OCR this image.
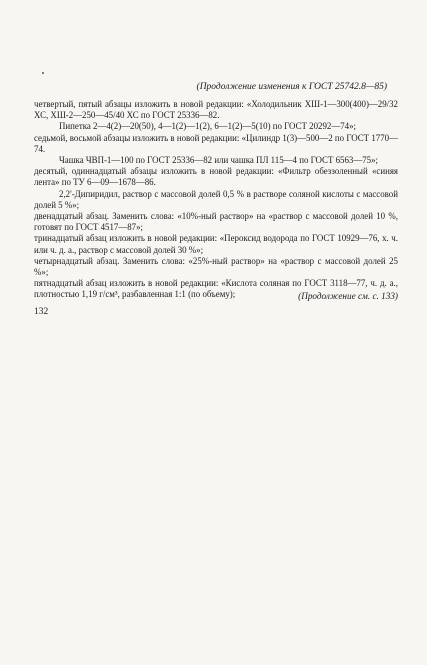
(Продолжение изменения к ГОСТ 25742.8—85)

четвертый, пятый абзацы изложить в новой редакции: «Холодильник ХШ-1—300(400)—29/32 ХС, ХШ-2—250—45/40 ХС по ГОСТ 25336—82.

Пипетка 2—4(2)—20(50), 4—1(2)—1(2), 6—1(2)—5(10) по ГОСТ 20292—74»;

седьмой, восьмой абзацы изложить в новой редакции: «Цилиндр 1(3)—500—2 по ГОСТ 1770—74.

Чашка ЧВП-1—100 по ГОСТ 25336—82 или чашка ПЛ 115—4 по ГОСТ 6563—75»;

десятый, одиннадцатый абзацы изложить в новой редакции: «Фильтр обеззоленный «синяя лента» по ТУ 6—09—1678—86.

2,2'-Дипиридил, раствор с массовой долей 0,5 % в растворе соляной кислоты с массовой долей 5 %»;

двенадцатый абзац. Заменить слова: «10%-ный раствор» на «раствор с массовой долей 10 %, готовят по ГОСТ 4517—87»;

тринадцатый абзац изложить в новой редакции: «Пероксид водорода по ГОСТ 10929—76, х. ч. или ч. д. а., раствор с массовой долей 30 %»;

четырнадцатый абзац. Заменить слова: «25%-ный раствор» на «раствор с массовой долей 25 %»;

пятнадцатый абзац изложить в новой редакции: «Кислота соляная по ГОСТ 3118—77, ч. д. а., плотностью 1,19 г/см³, разбавленная 1:1 (по объему);	(Продолжение см. с. 133)
132
